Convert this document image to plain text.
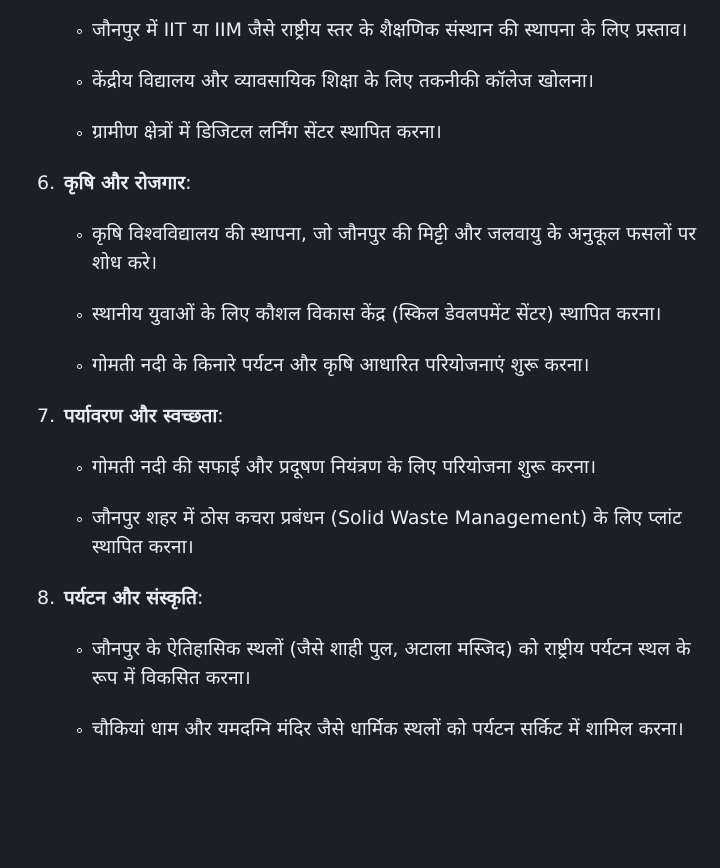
जौनपुर में IIT या IIM जैसे राष्ट्रीय स्तर के शैक्षणिक संस्थान की स्थापना के लिए प्रस्ताव।
केंद्रीय विद्यालय और व्यावसायिक शिक्षा के लिए तकनीकी कॉलेज खोलना।
ग्रामीण क्षेत्रों में डिजिटल लर्निंग सेंटर स्थापित करना।
6. कृषि और रोजगार:
कृषि विश्वविद्यालय की स्थापना, जो जौनपुर की मिट्टी और जलवायु के अनुकूल फसलों पर शोध करे।
स्थानीय युवाओं के लिए कौशल विकास केंद्र (स्किल डेवलपमेंट सेंटर) स्थापित करना।
गोमती नदी के किनारे पर्यटन और कृषि आधारित परियोजनाएं शुरू करना।
7. पर्यावरण और स्वच्छता:
गोमती नदी की सफाई और प्रदूषण नियंत्रण के लिए परियोजना शुरू करना।
जौनपुर शहर में ठोस कचरा प्रबंधन (Solid Waste Management) के लिए प्लांट स्थापित करना।
8. पर्यटन और संस्कृति:
जौनपुर के ऐतिहासिक स्थलों (जैसे शाही पुल, अटाला मस्जिद) को राष्ट्रीय पर्यटन स्थल के रूप में विकसित करना।
चौकियां धाम और यमदग्नि मंदिर जैसे धार्मिक स्थलों को पर्यटन सर्किट में शामिल करना।
